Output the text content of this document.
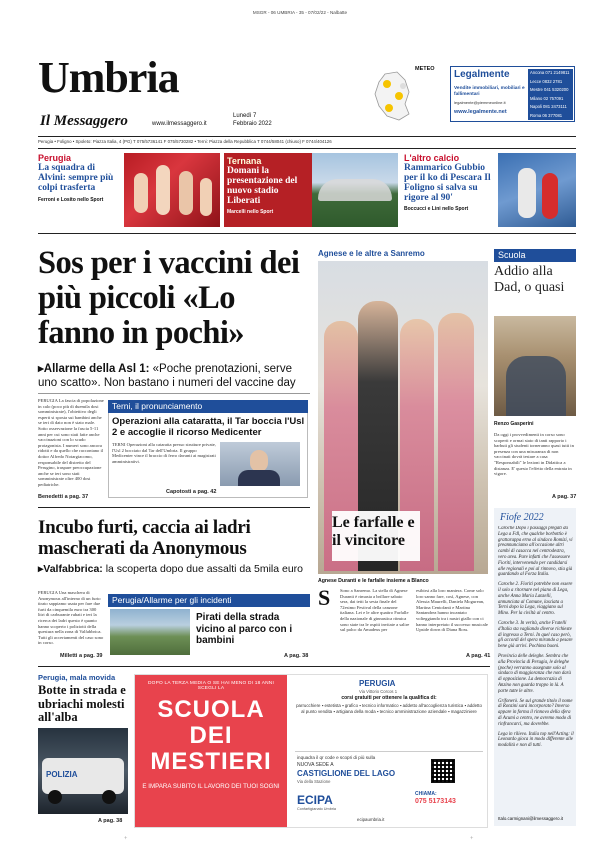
MSGR - 06 UMBRIA - 35 - 07/02/22 - Nalbatte
Umbria
Il Messaggero	www.ilmessaggero.it
Lunedì 7
Febbraio 2022
METEO Legalmente
Vendite immobiliari, mobiliari e fallimentari
legalmente@piemmeonline.it
www.legalmente.net
Ancona 071 2149811
Lecce 0832 2781
Mestre 041 5320200
Milano 02 757091
Napoli 081 2473111
Roma 06 377081
Perugia • Foligno • Spoleto: Piazza Italia, 4 (PG) T 075/5736141 F 075/5730282 • Terni: Piazza della Repubblica T 0744/58041 (chiuso) F 0744/404126
Perugia
La squadra di Alvini: sempre più colpi trasferta
Ferroni e Losito nello Sport
Ternana
Domani la presentazione del nuovo stadio Liberati
Marcelli nello Sport
L'altro calcio
Rammarico Gubbio per il ko di Pescara Il Foligno si salva su rigore al 90'
Boccucci e Lini nello Sport
Sos per i vaccini dei più piccoli «Lo fanno in pochi»
▸Allarme della Asl 1: «Poche prenotazioni, serve uno scatto». Non bastano i numeri del vaccine day
PERUGIA La fascia di popolazione in calo (poco più di duemila dosi somministrate), l'obiettivo degli esperti si sposta sui bambini anche se ieri di dato non è stato male. Sotto osservazione la fascia 5-11 anni per cui sono stati fatte anche vaccinazioni con lo scudo protagonista. I numeri sono ancora ridotti e da quello che raccontano il dottor Alfredo Notargiacomo, responsabile del distretto del Perugino, traspare preoccupazione anche se ieri sono stati somministrate oltre 400 dosi pediatriche.
Benedetti a pag. 37
Terni, il pronunciamento
Operazioni alla cataratta, il Tar boccia l'Usl 2 e accoglie il ricorso Medicenter
TERNI Operazioni alla cataratta presso strutture private, l'Usl 2 bocciato dal Tar dell'Umbria. Il gruppo Medicenter vince il braccio di ferro davanti ai magistrati amministrativi.
Capotosti a pag. 42
Incubo furti, caccia ai ladri mascherati da Anonymous
▸Valfabbrica: la scoperta dopo due assalti da 5mila euro
PERUGIA Una maschera di Anonymous all'interno di un furto tirato sappiamo usata per fare due furti da cinquemila euro tra 300 litri di carburante rubati e ieri la ricerca dei ladri questo è quanto hanno scoperto i poliziotti della questura nella zona di Valfabbrica. Tutti gli accertamenti del caso sono in corso.
Milletti a pag. 39
Perugia/Allarme per gli incidenti
Pirati della strada vicino al parco con i bambini
A pag. 38
Agnese e le altre a Sanremo
Le farfalle e il vincitore
Agnese Duranti e le farfalle insieme a Blanco
S	Sono a Sanremo. La stella di Agnese Duranti è rimasta a brillare sabato sera, dai tetti la sesta finale del 72esimo Festival della canzone italiana. Lei e le altre quattro Farfalle della nazionale di ginnastica ritmica sono state tra le ospiti invitate a salire sul palco da Amadeus per
esibirsi alla loro maniera. Come solo loro sanno fare, così, Agnese, con Alessia Maurelli, Daniela Mogurean, Martina Centofanti e Martina Santandrea hanno incantato volteggiando tra i nastri giallo con ci hanno interpretato il successo musicale Upside down di Diana Ross.
A pag. 41
Scuola
Addio alla Dad, o quasi
Renzo Gasperini
Da oggi i provvedimenti in corso sono scoperti e ormai stato di tanti rapporto i barbuti gli studenti torneranno quasi tutti in presenza con una misuranza di non vaccinati dovrà testare a casa "Responsabili" le lezioni in Didattica a distanza. E' questo l'effetto della entrata in vigore.
A pag. 37
Fiofe 2022

Caroche Dopo i passaggi pregati da Lega a Fdl, che qualche borbottio è grattarappa erno al sindaco Romizi, vi preannunciamo all'occasione altri cambi di casacca nel centrodestra, vero area. Pare infatti che l'assessore Fioriti, intervenendo per candidarsi alle regionali e poi al rinnovo, stia già guardando al Forza Italia.

Caroche 2. Fioriti potrebbe non essere il solo a ritornare nel piano di Lega, anche Anna Maria Lanzelli, annunciata al Comune, lasciata a Terni dopo la Lega, viaggiano sul Mino. Per la civiltà al centro.

Caroche 3. In verità, anche Fratelli d'Italia sta vagliando diverse richieste di ingresso a Terni. In quel caso però, gli accordi del spera mirando a pesare bene già arrivi. Pochima buoni.

Provincia delle deleghe. Sembra che alla Provincia di Perugia, le deleghe (poche) verranno assegnate solo al sindaco di maggioranza che non darà di opposizione. La democrazia di Anzino non guarda troppo in là. A parte tutte le altre.

Grifonerò. Se sul grande titolo il nome di Ronzini sarà incorporato? Inverso appare in forma il rinnovo della sfera di Acumi a centro, ne avremo modo di rinfrancarci, ma dovrebbe.

Lega in rilievo. Italia top nell'Acting: il Leonardo gioca in modo differente alle modalità e non di tutti.

Italo.carmignani@ilmessaggero.it
Perugia, mala movida
Botte in strada e ubriachi molesti all'alba
POLIZIA
A pag. 38
DOPO LA TERZA MEDIA O SE HAI MENO DI 18 ANNI SCEGLI LA
SCUOLA
DEI
MESTIERI
E IMPARA SUBITO IL LAVORO DEI TUOI SOGNI
PERUGIA
Via Vittorio Corcos 1
corsi gratuiti per ottenere la qualifica di:
parrucchiere ▪ estetista ▪ grafico ▪ tecnico informatico ▪ addetto all'accoglienza turistica ▪ addetto al punto vendita ▪ artigiana della moda ▪ tecnico amministrazione aziendale ▪ magazziniere
inquadra il qr code e scopri di più sulla
NUOVA SEDE A
CASTIGLIONE DEL LAGO
Via della Stazione
ECIPA
Confartigianato Umbria
CHIAMA:
075 5173143
ecipaumbria.it
+	+
